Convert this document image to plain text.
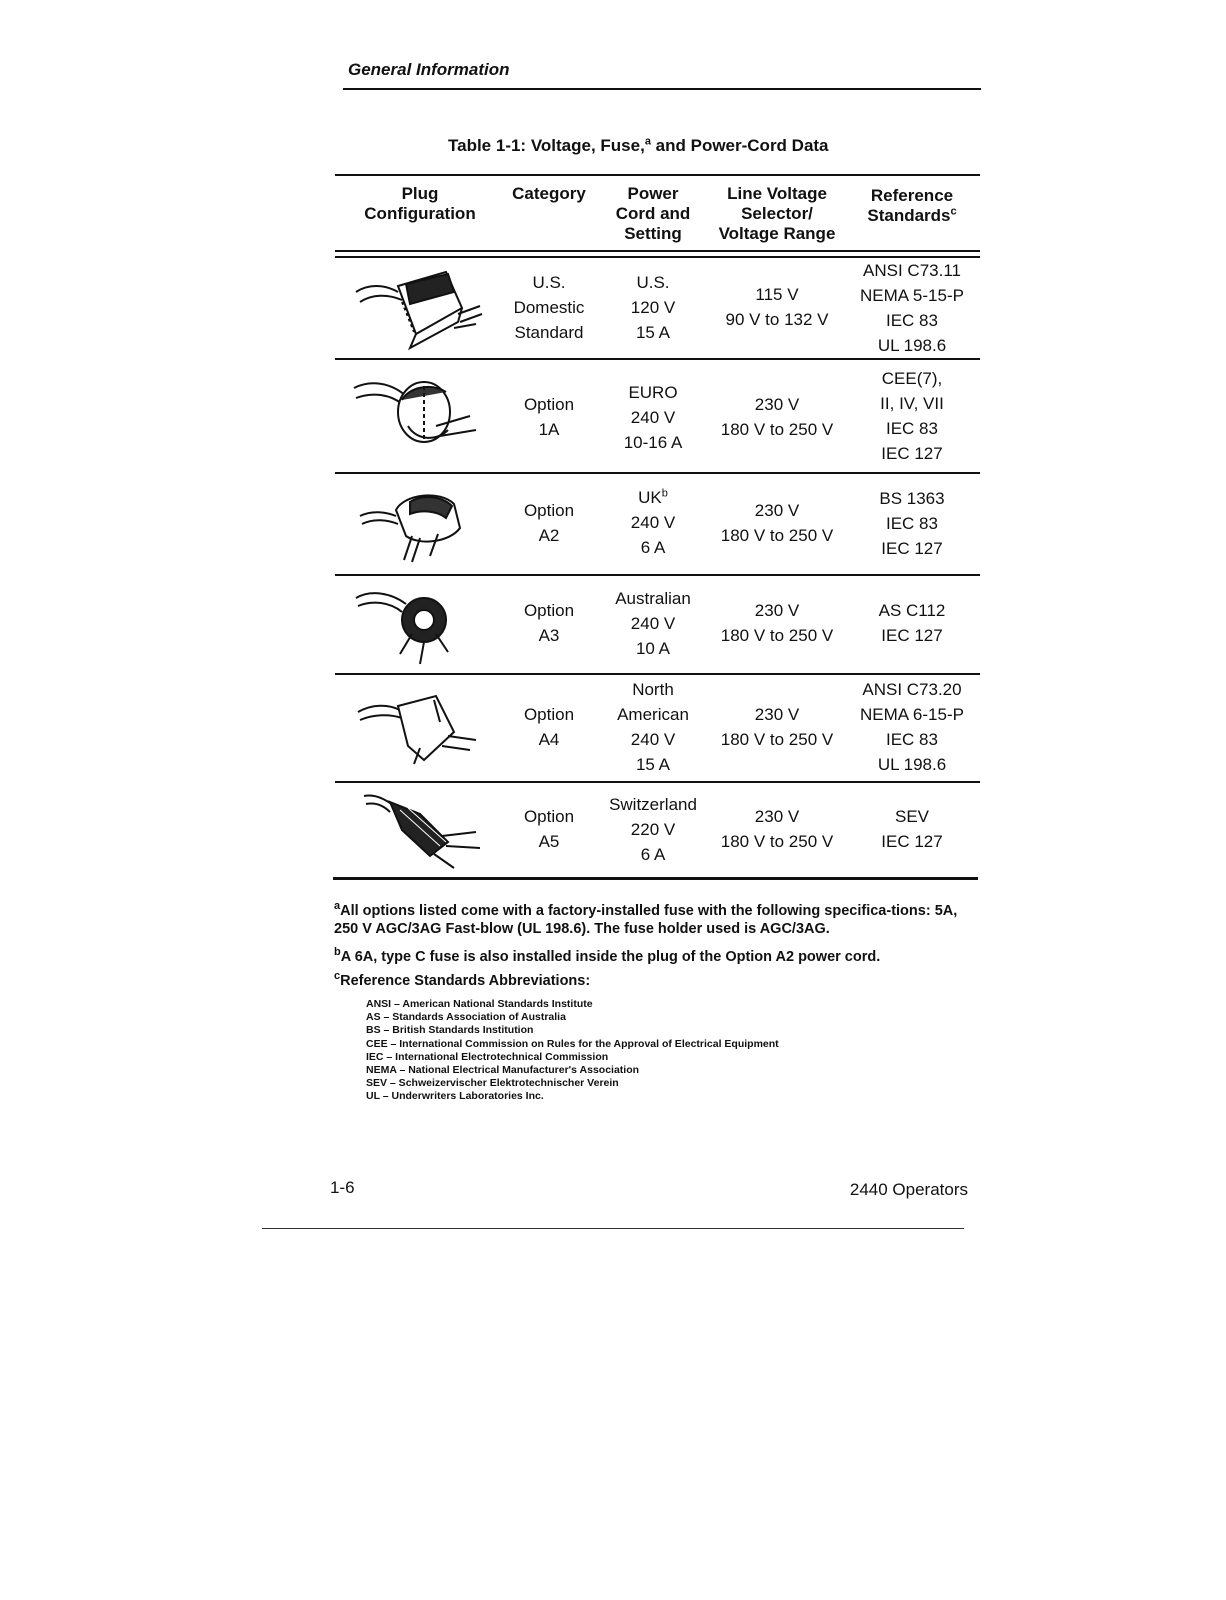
General Information
Table 1-1: Voltage, Fuse,$^a$ and Power-Cord Data
Plug
Configuration
Category	Power
Cord and
Setting
Line Voltage
Selector/
Voltage Range
Reference
Standards$^c$
U.S.
Domestic
Standard
U.S.
120 V
15 A
115 V
90 V to 132 V
ANSI C73.11
NEMA 5-15-P
IEC 83
UL 198.6
Option
1A
EURO
240 V
10-16 A
230 V
180 V to 250 V
CEE(7),
II, IV, VII
IEC 83
IEC 127
Option
A2
$UK^b$
240 V
6 A
230 V
180 V to 250 V
BS 1363
IEC 83
IEC 127
Option
A3
Australian
240 V
10 A
230 V
180 V to 250 V
AS C112
IEC 127
Option
A4
North
American
240 V
15 A
230 V
180 V to 250 V
ANSI C73.20
NEMA 6-15-P
IEC 83
UL 198.6
Option
A5
Switzerland
220 V
6 A
230 V
180 V to 250 V
SEV
IEC 127
$^a$All options listed come with a factory-installed fuse with the following specifica-tions: 5A, 250 V AGC/3AG Fast-blow (UL 198.6). The fuse holder used is AGC/3AG.
$^b$A 6A, type C fuse is also installed inside the plug of the Option A2 power cord.
$^c$Reference Standards Abbreviations:
ANSI – American National Standards Institute
AS – Standards Association of Australia
BS – British Standards Institution
CEE – International Commission on Rules for the Approval of Electrical Equipment
IEC – International Electrotechnical Commission
NEMA – National Electrical Manufacturer's Association
SEV – Schweizervischer Elektrotechnischer Verein
UL – Underwriters Laboratories Inc.
1-6	2440 Operators
